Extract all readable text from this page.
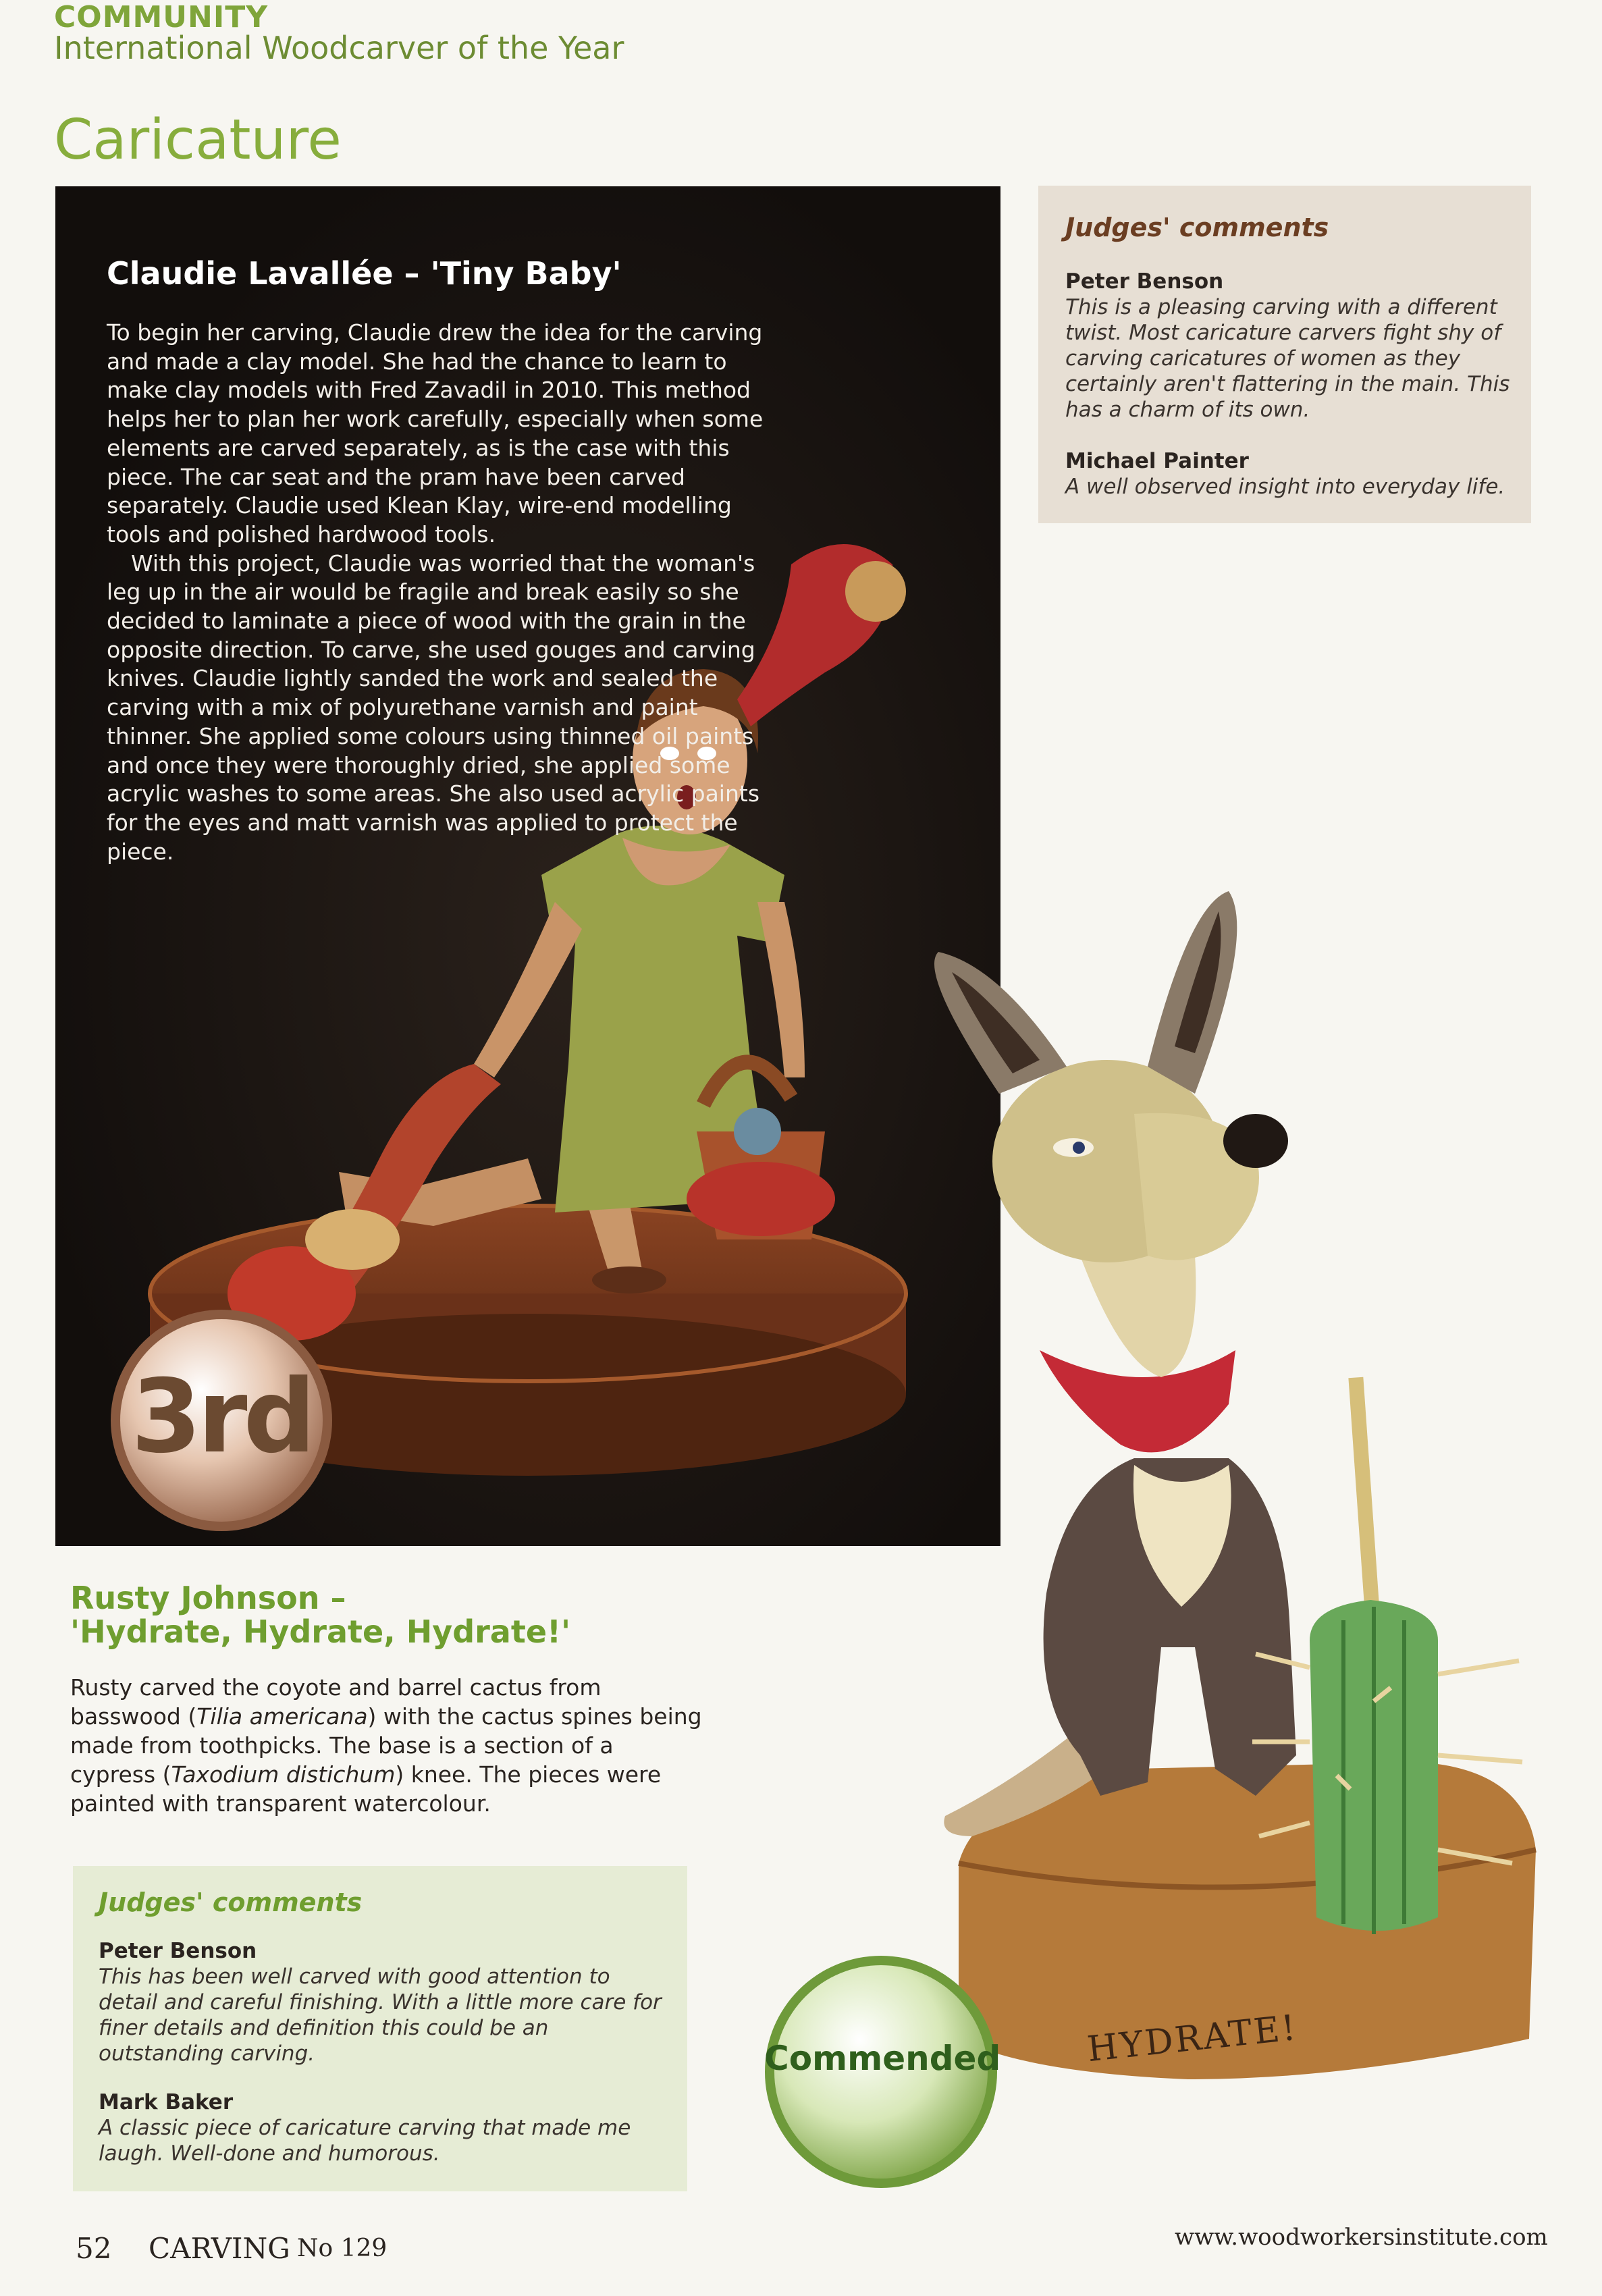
COMMUNITY
International Woodcarver of the Year
Caricature
Claudie Lavallée – 'Tiny Baby'

To begin her carving, Claudie drew the idea for the carving and made a clay model. She had the chance to learn to make clay models with Fred Zavadil in 2010. This method helps her to plan her work carefully, especially when some elements are carved separately, as is the case with this piece. The car seat and the pram have been carved separately. Claudie used Klean Klay, wire-end modelling tools and polished hardwood tools.

With this project, Claudie was worried that the woman's leg up in the air would be fragile and break easily so she decided to laminate a piece of wood with the grain in the opposite direction. To carve, she used gouges and carving knives. Claudie lightly sanded the work and sealed the carving with a mix of polyurethane varnish and paint thinner. She applied some colours using thinned oil paints and once they were thoroughly dried, she applied some acrylic washes to some areas. She also used acrylic paints for the eyes and matt varnish was applied to protect the piece.

3rd
Judges' comments
Peter Benson
This is a pleasing carving with a different twist. Most caricature carvers fight shy of carving caricatures of women as they certainly aren't flattering in the main. This has a charm of its own.
Michael Painter
A well observed insight into everyday life.
HYDRATE!
Rusty Johnson –
'Hydrate, Hydrate, Hydrate!'
Rusty carved the coyote and barrel cactus from basswood (Tilia americana) with the cactus spines being made from toothpicks. The base is a section of a cypress (Taxodium distichum) knee. The pieces were painted with transparent watercolour.
Judges' comments
Peter Benson
This has been well carved with good attention to detail and careful finishing. With a little more care for finer details and definition this could be an outstanding carving.
Mark Baker
A classic piece of caricature carving that made me laugh. Well-done and humorous.
Commended
52 CARVING No 129	www.woodworkersinstitute.com
